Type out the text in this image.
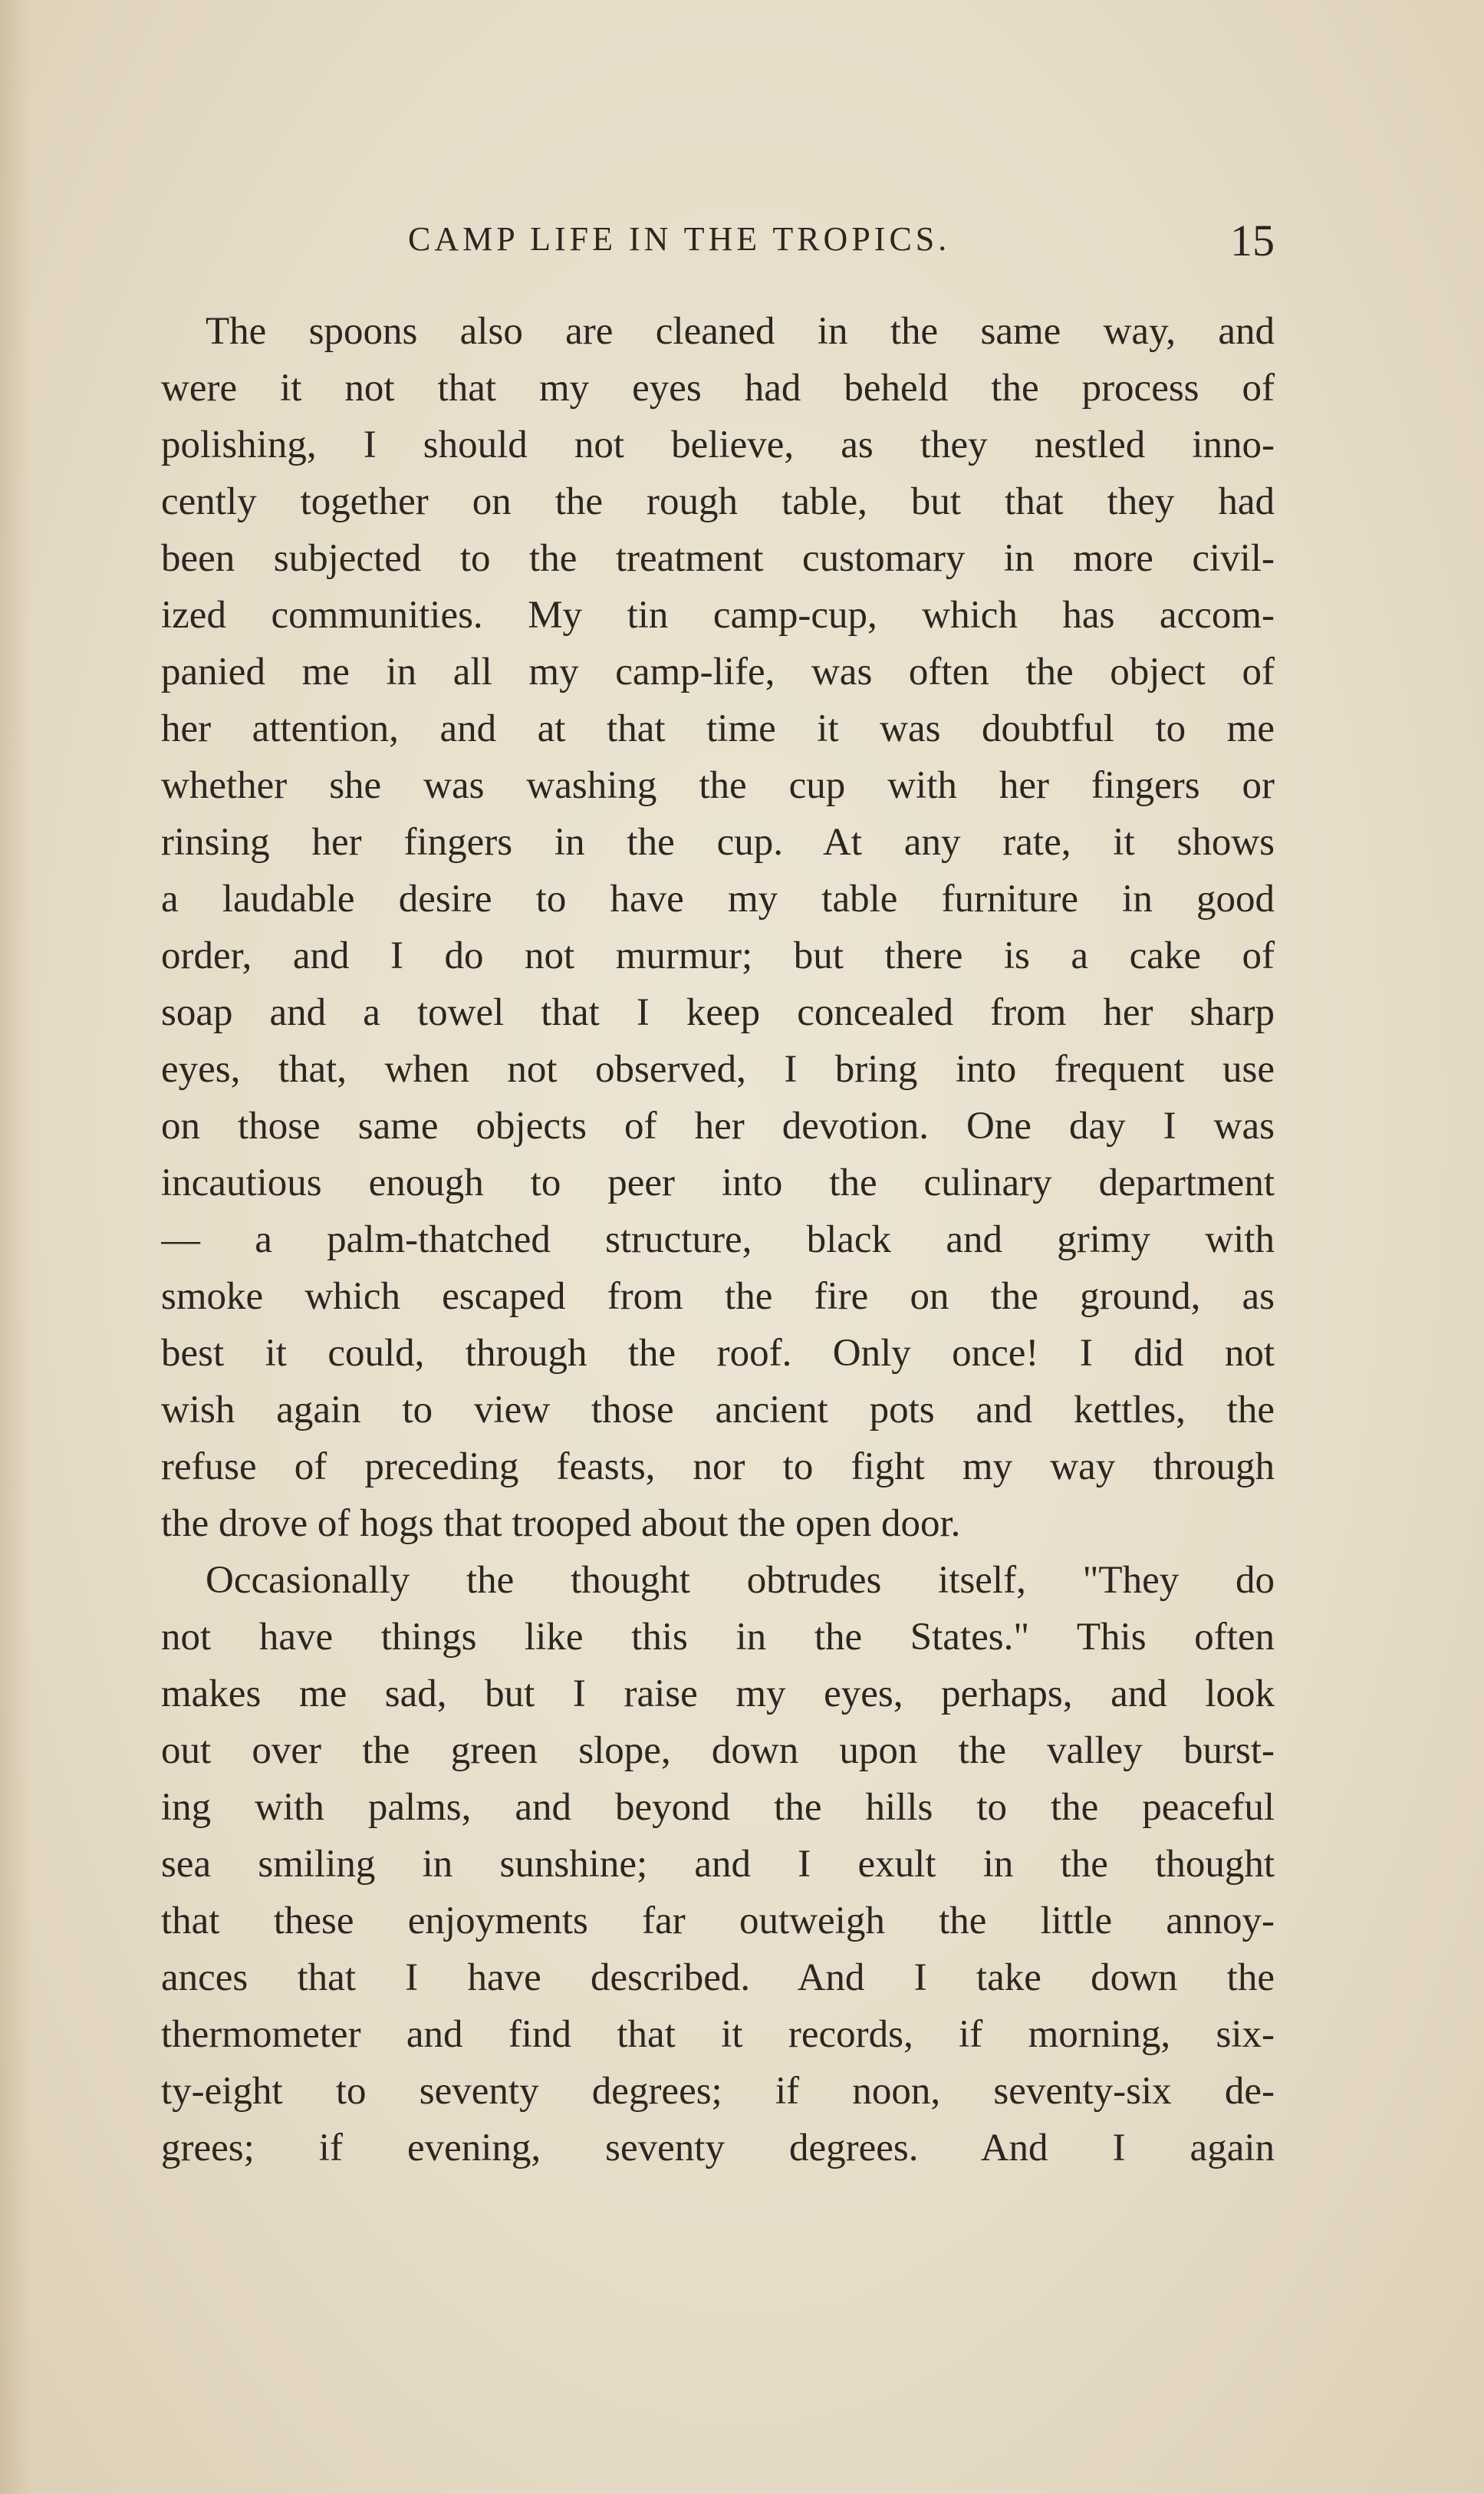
CAMP LIFE IN THE TROPICS.	15
The spoons also are cleaned in the same way, and
were it not that my eyes had beheld the process of
polishing, I should not believe, as they nestled inno-
cently together on the rough table, but that they had
been subjected to the treatment customary in more civil-
ized communities. My tin camp-cup, which has accom-
panied me in all my camp-life, was often the object of
her attention, and at that time it was doubtful to me
whether she was washing the cup with her fingers or
rinsing her fingers in the cup. At any rate, it shows
a laudable desire to have my table furniture in good
order, and I do not murmur; but there is a cake of
soap and a towel that I keep concealed from her sharp
eyes, that, when not observed, I bring into frequent use
on those same objects of her devotion. One day I was
incautious enough to peer into the culinary department
— a palm-thatched structure, black and grimy with
smoke which escaped from the fire on the ground, as
best it could, through the roof. Only once! I did not
wish again to view those ancient pots and kettles, the
refuse of preceding feasts, nor to fight my way through
the drove of hogs that trooped about the open door.
Occasionally the thought obtrudes itself, "They do
not have things like this in the States." This often
makes me sad, but I raise my eyes, perhaps, and look
out over the green slope, down upon the valley burst-
ing with palms, and beyond the hills to the peaceful
sea smiling in sunshine; and I exult in the thought
that these enjoyments far outweigh the little annoy-
ances that I have described. And I take down the
thermometer and find that it records, if morning, six-
ty-eight to seventy degrees; if noon, seventy-six de-
grees; if evening, seventy degrees. And I again
